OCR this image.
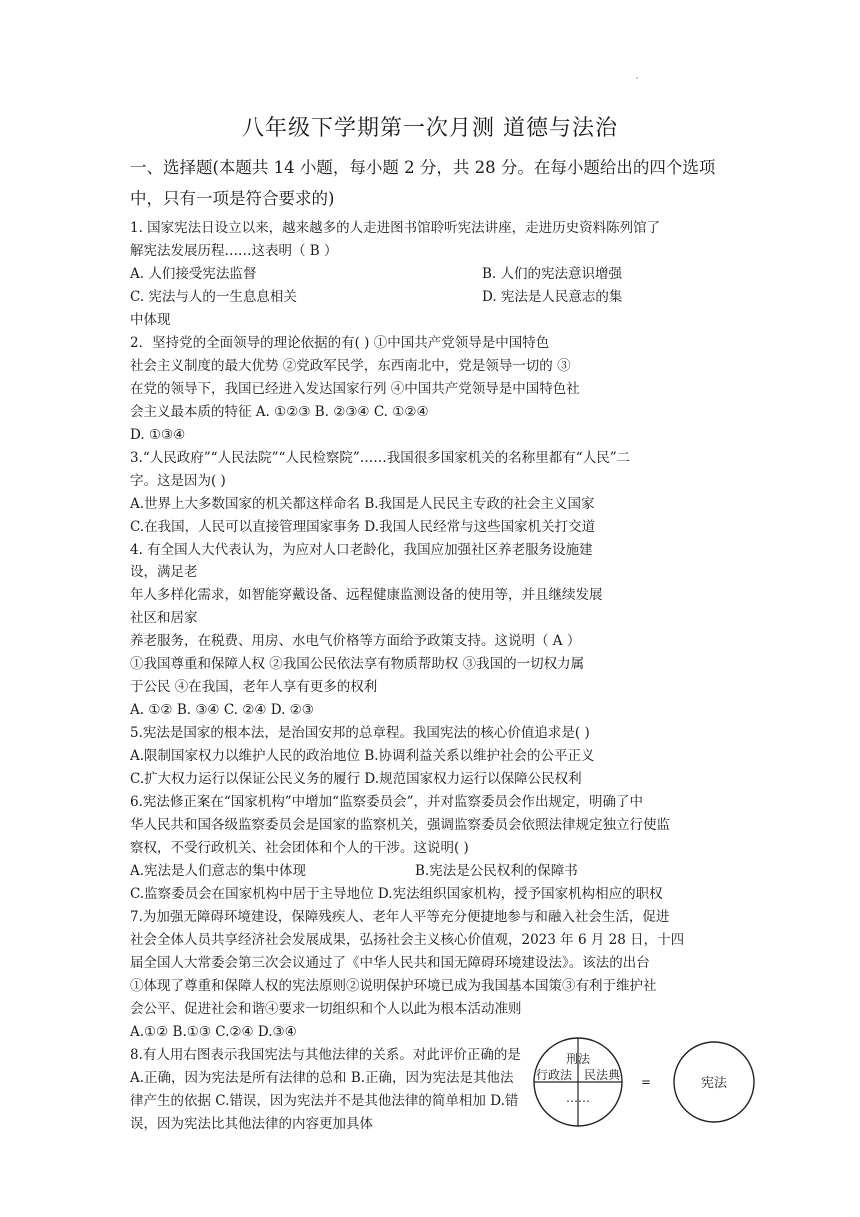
八年级下学期第一次月测 道德与法治
一、选择题(本题共 14 小题，每小题 2 分，共 28 分。在每小题给出的四个选项
中，只有一项是符合要求的)
1. 国家宪法日设立以来，越来越多的人走进图书馆聆听宪法讲座，走进历史资料陈列馆了
解宪法发展历程……这表明（ B ）
A. 人们接受宪法监督	B. 人们的宪法意识增强
C. 宪法与人的一生息息相关	D. 宪法是人民意志的集
中体现
2．坚持党的全面领导的理论依据的有( ) ①中国共产党领导是中国特色
社会主义制度的最大优势 ②党政军民学，东西南北中，党是领导一切的 ③
在党的领导下，我国已经进入发达国家行列 ④中国共产党领导是中国特色社
会主义最本质的特征 A. ①②③ B. ②③④ C. ①②④
D. ①③④
3.“人民政府”“人民法院”“人民检察院”……我国很多国家机关的名称里都有“人民”二
字。这是因为( )
A.世界上大多数国家的机关都这样命名 B.我国是人民民主专政的社会主义国家
C.在我国，人民可以直接管理国家事务 D.我国人民经常与这些国家机关打交道
4. 有全国人大代表认为，为应对人口老龄化，我国应加强社区养老服务设施建
设，满足老
年人多样化需求，如智能穿戴设备、远程健康监测设备的使用等，并且继续发展
社区和居家
养老服务，在税费、用房、水电气价格等方面给予政策支持。这说明（ A ）
①我国尊重和保障人权 ②我国公民依法享有物质帮助权 ③我国的一切权力属
于公民 ④在我国，老年人享有更多的权利
A. ①② B. ③④ C. ②④ D. ②③
5.宪法是国家的根本法，是治国安邦的总章程。我国宪法的核心价值追求是( )
A.限制国家权力以维护人民的政治地位 B.协调利益关系以维护社会的公平正义
C.扩大权力运行以保证公民义务的履行 D.规范国家权力运行以保障公民权利
6.宪法修正案在“国家机构”中增加“监察委员会”，并对监察委员会作出规定，明确了中
华人民共和国各级监察委员会是国家的监察机关，强调监察委员会依照法律规定独立行使监
察权，不受行政机关、社会团体和个人的干涉。这说明( )
A.宪法是人们意志的集中体现	B.宪法是公民权利的保障书
C.监察委员会在国家机构中居于主导地位 D.宪法组织国家机构，授予国家机构相应的职权
7.为加强无障碍环境建设，保障残疾人、老年人平等充分便捷地参与和融入社会生活，促进
社会全体人员共享经济社会发展成果，弘扬社会主义核心价值观，2023 年 6 月 28 日，十四
届全国人大常委会第三次会议通过了《中华人民共和国无障碍环境建设法》。该法的出台
①体现了尊重和保障人权的宪法原则②说明保护环境已成为我国基本国策③有利于维护社
会公平、促进社会和谐④要求一切组织和个人以此为根本活动准则
A.①② B.①③ C.②④ D.③④
8.有人用右图表示我国宪法与其他法律的关系。对此评价正确的是
A.正确，因为宪法是所有法律的总和 B.正确，因为宪法是其他法
律产生的依据 C.错误，因为宪法并不是其他法律的简单相加 D.错
误，因为宪法比其他法律的内容更加具体
刑法
行政法 民法典
……
=	宪法
